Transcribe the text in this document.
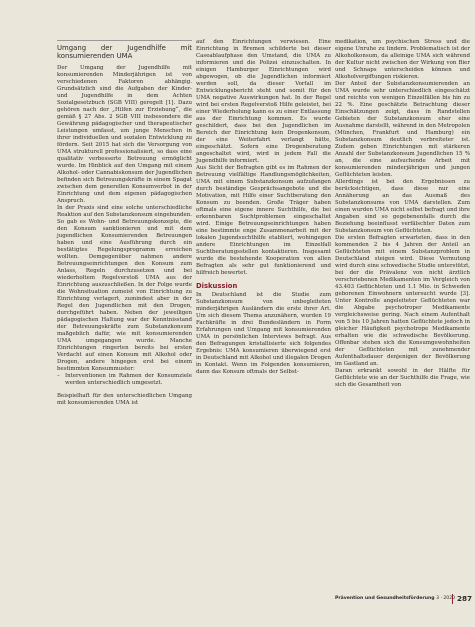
Umgang der Jugendhilfe mit konsumierenden UMA

Der Umgang der Jugendhilfe mit konsumierenden Minderjährigen ist von verschiedenen Faktoren abhängig. Grundsätzlich sind die Aufgaben der Kinder- und Jugendhilfe in dem Achten Sozialgesetzbuch (SGB VIII) geregelt [1]. Dazu gehören nach der „Hilfen zur Erziehung“, die gemäß § 27 Abs. 2 SGB VIII insbesondere die Gewährung pädagogischer und therapeutischer Leistungen umfasst, um junge Menschen in ihrer individuellen und sozialen Entwicklung zu fördern. Seit 2015 hat sich die Versorgung von UMA strukturell professionalisiert, so dass eine qualitativ verbesserte Betreuung ermöglicht wurde. Im Hinblick auf den Umgang mit einem Alkohol- oder Cannabiskonsum der Jugendlichen befinden sich Betreuungskräfte in einem Spagat zwischen dem generellen Konsumverbot in der Einrichtung und dem eigenen pädagogischen Anspruch.

In der Praxis sind eine solche unterschiedliche Reaktion auf den Substanzkonsum eingebunden. So gab es Wohn- und Betreuungskonzepte, die den Konsum sanktionieren und mit dem jugendlichen Konsumierenden Betreuungen haben und eine Ausführung durch ein bestätigtes Regelungsprogramm erreichen wollten. Demgegenüber nahmen andere Betreuungseinrichtungen den Konsum zum Anlass, Regeln durchzusetzen und bei wiederholtem Regelverstoß UMA aus der Einrichtung auszuschließen. In der Folge wurde die Wohnsituation zumeist von Einrichtung zu Einrichtung verlagert, zumindest aber in der Regel den Jugendlichen mit den Drogen, durchgeführt haben. Neben der jeweiligen pädagogischen Haltung war der Kenntnisstand der Betreuungskräfte zum Substanzkonsum maßgeblich dafür, wie mit konsumierenden UMA umgegangen wurde. Manche Einrichtungen ringerten bereits bei ersten Verdacht auf einen Konsum mit Alkohol oder Drogen, andere hingegen erst bei einem bestimmten Konsummuster:

– Interventionen im Rahmen der Konsumziele werden unterschiedlich umgesetzt.

Beispielhaft für den unterschiedlichen Umgang mit konsumierenden UMA ist

auf den Einrichtungen verwiesen. Eine Einrichtung in Bremen schilderte bei dieser Caseablaufphase den Umstand, die UMA zu informieren und die Polizei einzuschalten. In einigen Hamburger Einrichtungen wird abgewogen, ob die Jugendlichen informiert werden soll, da dieser Vorfall im Entwicklungsbericht steht und somit für den UMA negative Auswirkungen hat. In der Regel wird bei ersten Regelverstoß Hilfe geleistet, bei einer Wiederholung kann es zu einer Entlassung aus der Einrichtung kommen. Es wurde geschildert, dass bei den Jugendlichen im Bereich der Einrichtung kein Drogenkonsum, der eine Weiterfahrt verlangt hätte, eingeschätzt. Sofern eine Drogenberatung angeschaltet wird, wird in jedem Fall die Jugendhilfe informiert.

Aus Sicht der Befragten gibt es im Rahmen der Betreuung vielfältige Handlungsmöglichkeiten, UMA mit einem Substanzkonsum aufzufangen durch beständige Gesprächsangebote und die Motivation, mit Hilfe einer Suchtberatung den Konsum zu beenden. Große Träger haben oftmals eine eigene innere Suchthilfe, die bei erkennbaren Suchtproblemen eingeschaltet wird. Einige Betreuungseinrichtungen haben eine bestimmte enge Zusammenarbeit mit der lokalen Jugendsuchthilfe etabliert, wohingegen andere Einrichtungen im Einzelfall Suchtberatungsstellen kontaktieren. Insgesamt wurde die bestehende Kooperation von allen Befragten als sehr gut funktionierend und hilfreich bewertet.

Diskussion

In Deutschland ist die Studie zum Substanzkonsum von unbegleiteten minderjährigen Ausländern die erste ihrer Art. Um sich diesem Thema anzunähern, wurden 19 Fachkräfte in drei Bundesländern in Form Erfahrungen und Umgang mit konsumierenden UMA in persönlichen Interviews befragt. Aus den Befragungen kristallisierte sich folgendes Ergebnis: UMA konsumieren überwiegend erst in Deutschland mit Alkohol und illegalen Drogen in Kontakt. Wenn im Folgenden konsumieren, dann das Konsum oftmals der Selbst-

medikation, um psychischen Stress und die eigene Unruhe zu lindern. Problematisch ist der Alkoholkonsum, da alleinige UMA sich während der Kultur nicht zwischen der Wirkung von Bier und Schnaps unterscheiden können und Alkoholvergiftungen riskieren.

Der Anteil der Substanzkonsumierenden an UMA wurde sehr unterschiedlich eingeschätzt und reichte von wenigen Einzelfällen bis hin zu 22 %. Eine geschätzte Betrachtung dieser Einschätzungen zeigt, dass in Randstellen Gebieten der Substanzkonsum eher eine Ausnahme darstellt, während in den Metropolen (München, Frankfurt und Hamburg) ein Substanzkonsum deutlich verbreiteter ist. Zudem geben Einrichtungen mit stärkeren Anzahl der Substanzkonsum Jugendlichen 15 % an, die eine aufsuchende Arbeit mit konsumierenden minderjährigen und jungen Geflüchteten leisten.

Allerdings ist bei den Ergebnissen zu berücksichtigen, dass diese nur eine Annäherung an das Ausmaß des Substanzkonsums von UMA darstellen. Zum einen wurden UMA nicht selbst befragt und ihre Angaben sind so gegebenenfalls durch die Beziehung beeinflusst verfälschter Daten zum Substanzkonsum von Geflüchteten.

Die ersten Befragten erwarteten, dass in den kommenden 2 bis 4 Jahren der Anteil an Geflüchteten mit einem Substanzproblem in Deutschland steigen wird. Diese Vermutung wird durch eine schwedische Studie unterstützt, bei der die Prävalenz von nicht ärztlich verschriebenen Medikamenten im Vergleich von 43.403 Geflüchteten und 1.1 Mio. in Schweden geborenen Einwohnern untersucht wurde [3]. Unter Kontrolle angeleiteter Geflüchteten war die Abgabe psychotroper Medikamente vergleichsweise gering. Nach einem Aufenthalt von 5 bis 10 Jahren hatten Geflüchtete jedoch in gleicher Häufigkeit psychotrope Medikamente erhalten wie die schwedische Bevölkerung. Offenbar stehen sich die Konsumgewohnheiten der Geflüchteten mit zunehmender Aufenthaltsdauer denjenigen der Bevölkerung im Gastland an.

Daran erkrankt sowohl in der Hälfte für Geflüchtete wie an der Suchthilfe die Frage, wie sich die Gesamtheit von

Prävention und Gesundheitsförderung 3 · 2020 287
